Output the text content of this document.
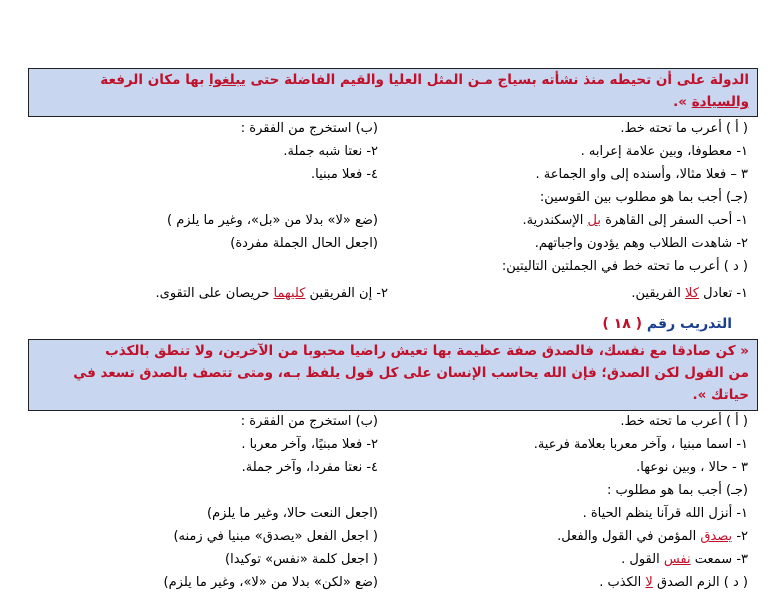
الدولة على أن تحيطه منذ نشأته بسياج مـن المثل العليا والقيم الفاضلة حتى يبلغوا بها مكان الرفعة
والسيادة ».
( أ ) أعرب ما تحته خط.
(ب) استخرج من الفقرة :
١- معطوفا، وبين علامة إعرابه .
٢- نعتا شبه جملة.
٣ – فعلا مثالا، وأسنده إلى واو الجماعة .
٤- فعلا مبنيا.
(جـ) أجب بما هو مطلوب بين القوسين:
١- أحب السفر إلى القاهرة بل الإسكندرية.
(ضع «لا» بدلا من «بل»، وغير ما يلزم )
٢- شاهدت الطلاب وهم يؤدون واجباتهم.
(اجعل الحال الجملة مفردة)
( د ) أعرب ما تحته خط في الجملتين التاليتين:
١- تعادل كلا الفريقين.
٢- إن الفريقين كليهما حريصان على التقوى.
التدريب رقم ( ١٨ )
« كن صادقا مع نفسك، فالصدق صفة عظيمة بها تعيش راضيا محبوبا من الآخرين، ولا تنطق بالكذب
من القول لكن الصدق؛ فإن الله يحاسب الإنسان على كل قول يلفظ بـه، ومتى تتصف بالصدق تسعد في
حياتك ».
( أ ) أعرب ما تحته خط.
(ب) استخرج من الفقرة :
١- اسما مبنيا ، وآخر معربا بعلامة فرعية.
٢- فعلا مبنيًا، وآخر معربا .
٣ - حالا ، وبين نوعها.
٤- نعتا مفردا، وآخر جملة.
(جـ) أجب بما هو مطلوب :
١- أنزل الله قرآنا ينظم الحياة .
(اجعل النعت حالا، وغير ما يلزم)
٢- يصدق المؤمن في القول والفعل.
( اجعل الفعل «يصدق» مبنيا في زمنه)
٣- سمعت نفس القول .
( اجعل كلمة «نفس» توكيدا)
( د ) الزم الصدق لا الكذب .
(ضع «لكن» بدلا من «لا»، وغير ما يلزم)
